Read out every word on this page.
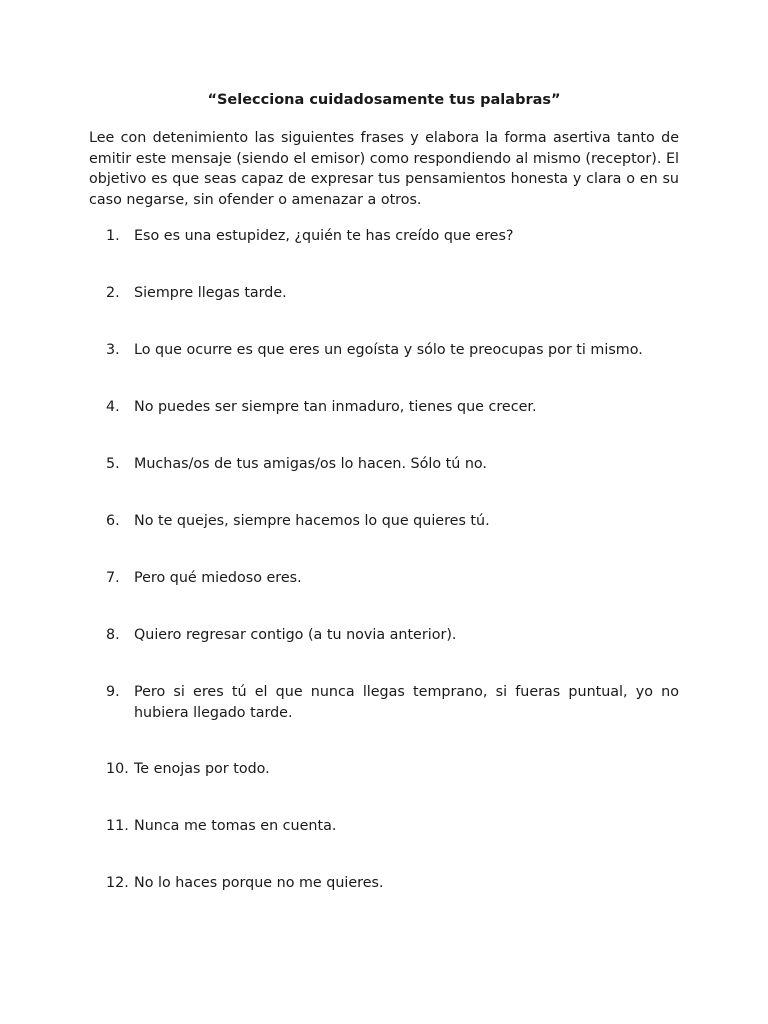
“Selecciona cuidadosamente tus palabras”
Lee con detenimiento las siguientes frases y elabora la forma asertiva tanto de emitir este mensaje (siendo el emisor) como respondiendo al mismo (receptor). El objetivo es que seas capaz de expresar tus pensamientos honesta y clara o en su caso negarse, sin ofender o amenazar a otros.
1.	Eso es una estupidez, ¿quién te has creído que eres?
2.	Siempre llegas tarde.
3.	Lo que ocurre es que eres un egoísta y sólo te preocupas por ti mismo.
4.	No puedes ser siempre tan inmaduro, tienes que crecer.
5.	Muchas/os de tus amigas/os lo hacen. Sólo tú no.
6.	No te quejes, siempre hacemos lo que quieres tú.
7.	Pero qué miedoso eres.
8.	Quiero regresar contigo (a tu novia anterior).
9.	Pero si eres tú el que nunca llegas temprano, si fueras puntual, yo no hubiera llegado tarde.
10. Te enojas por todo.
11. Nunca me tomas en cuenta.
12. No lo haces porque no me quieres.
